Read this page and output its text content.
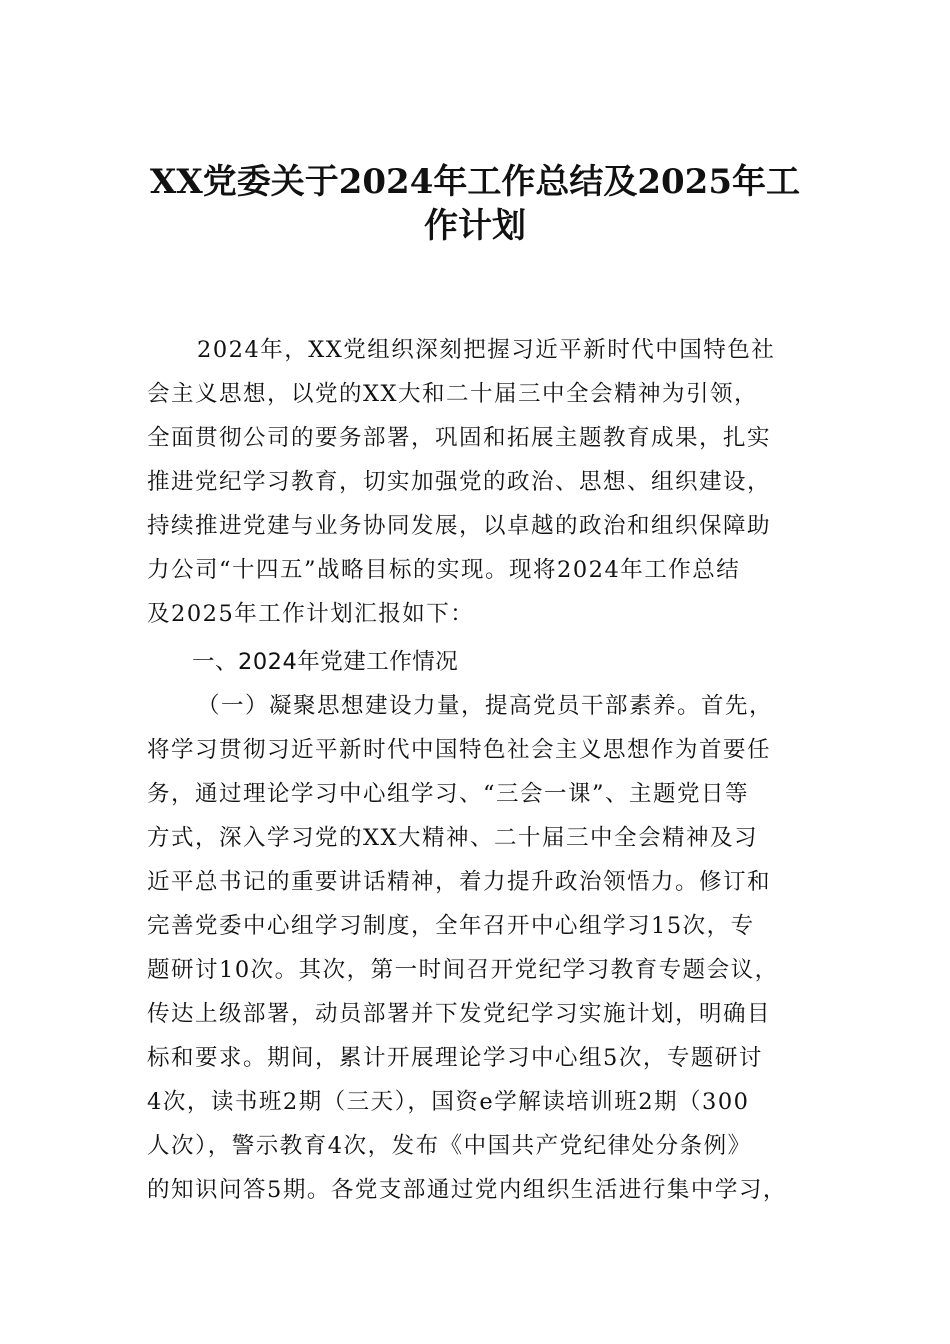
XX党委关于2024年工作总结及2025年工
作计划
2024年，XX党组织深刻把握习近平新时代中国特色社
会主义思想，以党的XX大和二十届三中全会精神为引领，
全面贯彻公司的要务部署，巩固和拓展主题教育成果，扎实
推进党纪学习教育，切实加强党的政治、思想、组织建设，
持续推进党建与业务协同发展，以卓越的政治和组织保障助
力公司“十四五”战略目标的实现。现将2024年工作总结
及2025年工作计划汇报如下：
一、2024年党建工作情况
（一）凝聚思想建设力量，提高党员干部素养。首先，
将学习贯彻习近平新时代中国特色社会主义思想作为首要任
务，通过理论学习中心组学习、“三会一课”、主题党日等
方式，深入学习党的XX大精神、二十届三中全会精神及习
近平总书记的重要讲话精神，着力提升政治领悟力。修订和
完善党委中心组学习制度，全年召开中心组学习15次，专
题研讨10次。其次，第一时间召开党纪学习教育专题会议，
传达上级部署，动员部署并下发党纪学习实施计划，明确目
标和要求。期间，累计开展理论学习中心组5次，专题研讨
4次，读书班2期（三天），国资e学解读培训班2期（300
人次），警示教育4次，发布《中国共产党纪律处分条例》
的知识问答5期。各党支部通过党内组织生活进行集中学习，
